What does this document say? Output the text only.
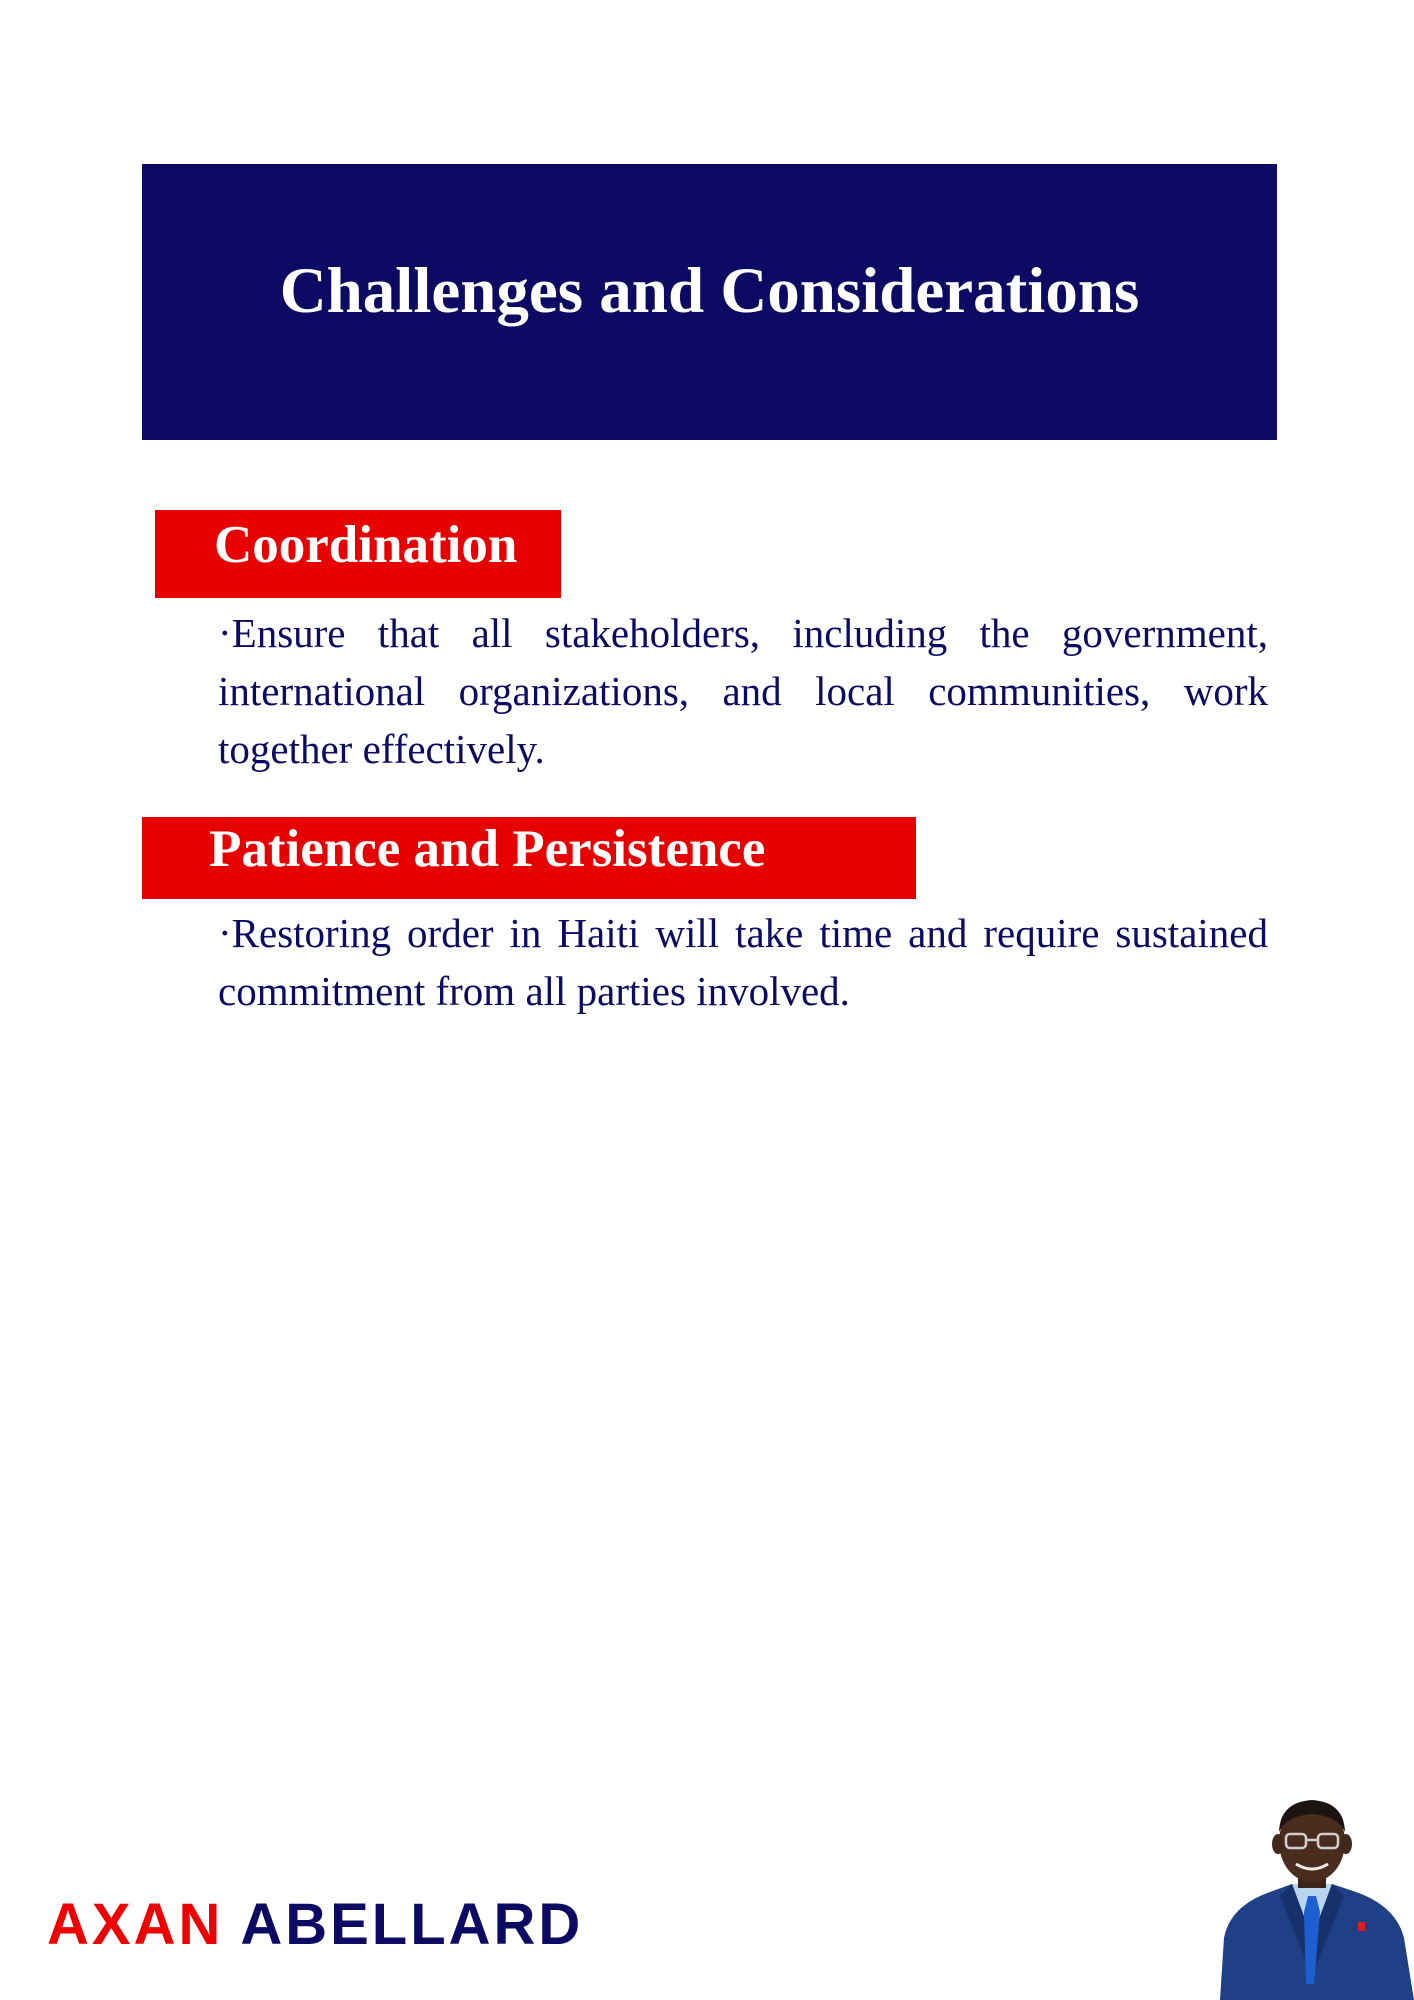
Challenges and Considerations
Coordination

·Ensure that all stakeholders, including the government, international organizations, and local communities, work together effectively.

Patience and Persistence

·Restoring order in Haiti will take time and require sustained commitment from all parties involved.

AXAN ABELLARD
